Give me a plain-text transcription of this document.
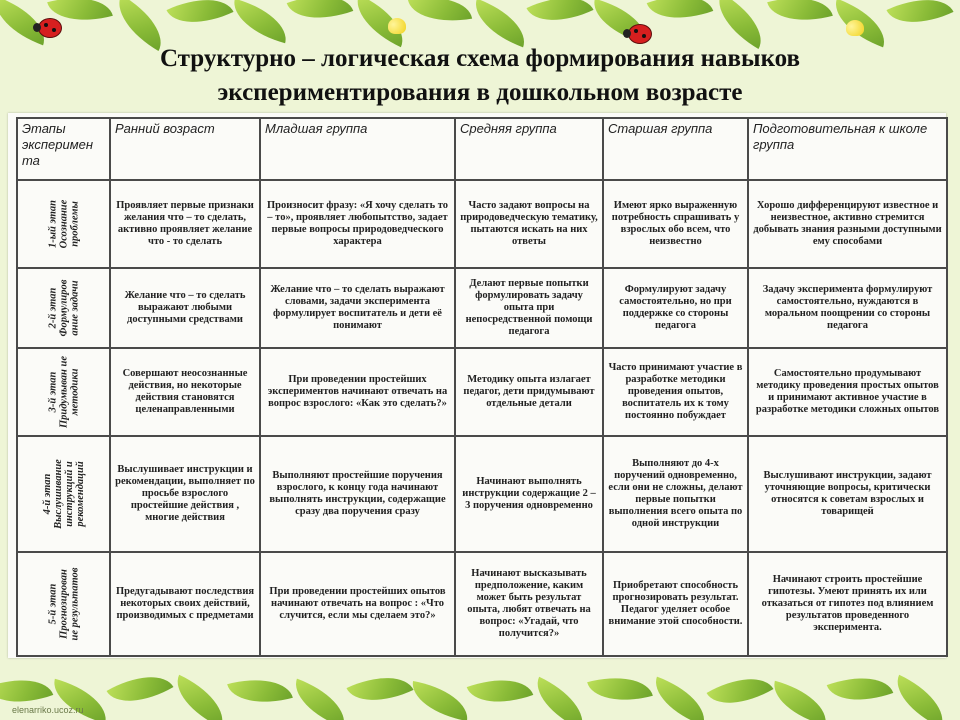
Структурно – логическая схема формирования навыков
экспериментирования в дошкольном возрасте
Этапы эксперимен та	Ранний возраст	Младшая группа	Средняя группа	Старшая группа	Подготовительная к школе группа

1-ый этап Осознание проблемы	Проявляет первые признаки желания что – то сделать, активно проявляет желание что - то сделать	Произносит фразу: «Я хочу сделать то – то», проявляет любопытство, задает первые вопросы природоведческого характера	Часто задают вопросы на природоведческую тематику, пытаются искать на них ответы	Имеют ярко выраженную потребность спрашивать у взрослых обо всем, что неизвестно	Хорошо дифференцируют известное и неизвестное, активно стремится добывать знания разными доступными ему способами

2-й этап Формулиров ание задачи	Желание что – то сделать выражают любыми доступными средствами	Желание что – то сделать выражают словами, задачи эксперимента формулирует воспитатель и дети её понимают	Делают первые попытки формулировать задачу опыта при непосредственной помощи педагога	Формулируют задачу самостоятельно, но при поддержке со стороны педагога	Задачу эксперимента формулируют самостоятельно, нуждаются в моральном поощрении со стороны педагога

3-й этап Придумыван ие методики	Совершают неосознанные действия, но некоторые действия становятся целенаправленными	При проведении простейших экспериментов начинают отвечать на вопрос взрослого: «Как это сделать?»	Методику опыта излагает педагог, дети придумывают отдельные детали	Часто принимают участие в разработке методики проведения опытов, воспитатель их к тому постоянно побуждает	Самостоятельно продумывают методику проведения простых опытов и принимают активное участие в разработке методики сложных опытов

4-й этап Выслушивание инструкций и рекомендаций	Выслушивает инструкции и рекомендации, выполняет по просьбе взрослого простейшие действия , многие действия	Выполняют простейшие поручения взрослого, к концу года начинают выполнять инструкции, содержащие сразу два поручения сразу	Начинают выполнять инструкции содержащие 2 – 3 поручения одновременно	Выполняют до 4-х поручений одновременно, если они не сложны, делают первые попытки выполнения всего опыта по одной инструкции	Выслушивают инструкции, задают уточняющие вопросы, критически относятся к советам взрослых и товарищей

5-й этап Прогнозирован ие результатов	Предугадывают последствия некоторых своих действий, производимых с предметами	При проведении простейших опытов начинают отвечать на вопрос : «Что случится, если мы сделаем это?»	Начинают высказывать предположение, каким может быть результат опыта, любят отвечать на вопрос: «Угадай, что получится?»	Приобретают способность прогнозировать результат. Педагог уделяет особое внимание этой способности.	Начинают строить простейшие гипотезы. Умеют принять их или отказаться от гипотез под влиянием результатов проведенного эксперимента.
elenarriko.ucoz.ru
